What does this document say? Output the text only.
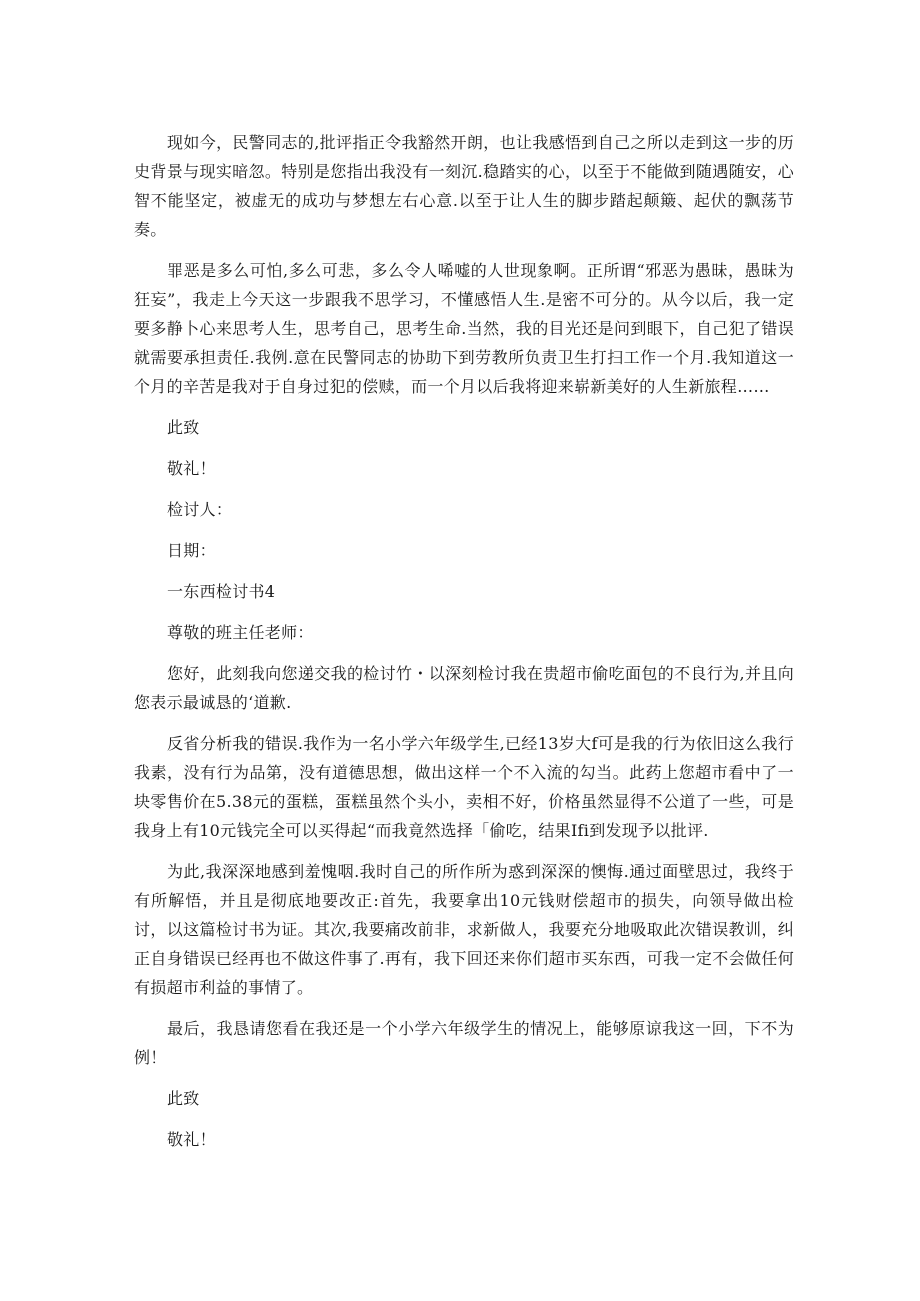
现如今，民警同志的,批评指正令我豁然开朗，也让我感悟到自己之所以走到这一步的历史背景与现实暗忽。特别是您指出我没有一刻沉.稳踏实的心，以至于不能做到随遇随安，心智不能坚定，被虚无的成功与梦想左右心意.以至于让人生的脚步踏起颠簸、起伏的飘荡节奏。

罪恶是多么可怕,多么可悲，多么令人唏嘘的人世现象啊。正所谓“邪恶为愚昧，愚昧为狂妄”，我走上今天这一步跟我不思学习，不懂感悟人生.是密不可分的。从今以后，我一定要多静卜心来思考人生，思考自己，思考生命.当然，我的目光还是问到眼下，自己犯了错误就需要承担责任.我例.意在民警同志的协助下到劳教所负责卫生打扫工作一个月.我知道这一个月的辛苦是我对于自身过犯的偿赎，而一个月以后我将迎来崭新美好的人生新旅程……

此致

敬礼！

检讨人：

日期：

一东西检讨书4

尊敬的班主任老师：

您好，此刻我向您递交我的检讨竹・以深刻检讨我在贵超市偷吃面包的不良行为,并且向您表示最诚恳的‘道歉.

反省分析我的错误.我作为一名小学六年级学生,已经13岁大f可是我的行为依旧这么我行我素，没有行为品第，没有道德思想，做出这样一个不入流的勾当。此药上您超市看中了一块零售价在5.38元的蛋糕，蛋糕虽然个头小，卖相不好，价格虽然显得不公道了一些，可是我身上有10元钱完全可以买得起“而我竟然选择「偷吃，结果Ifi到发现予以批评.

为此,我深深地感到羞愧咽.我时自己的所作所为惑到深深的懊悔.通过面壁思过，我终于有所解悟，并且是彻底地要改正:首先，我要拿出10元钱财偿超市的损失，向领导做出检讨，以这篇检讨书为证。其次,我要痛改前非，求新做人，我要充分地吸取此次错误教训，纠正自身错误已经再也不做这件事了.再有，我下回还来你们超市买东西，可我一定不会做任何有损超市利益的事情了。

最后，我恳请您看在我还是一个小学六年级学生的情况上，能够原谅我这一回，下不为例！

此致

敬礼！
